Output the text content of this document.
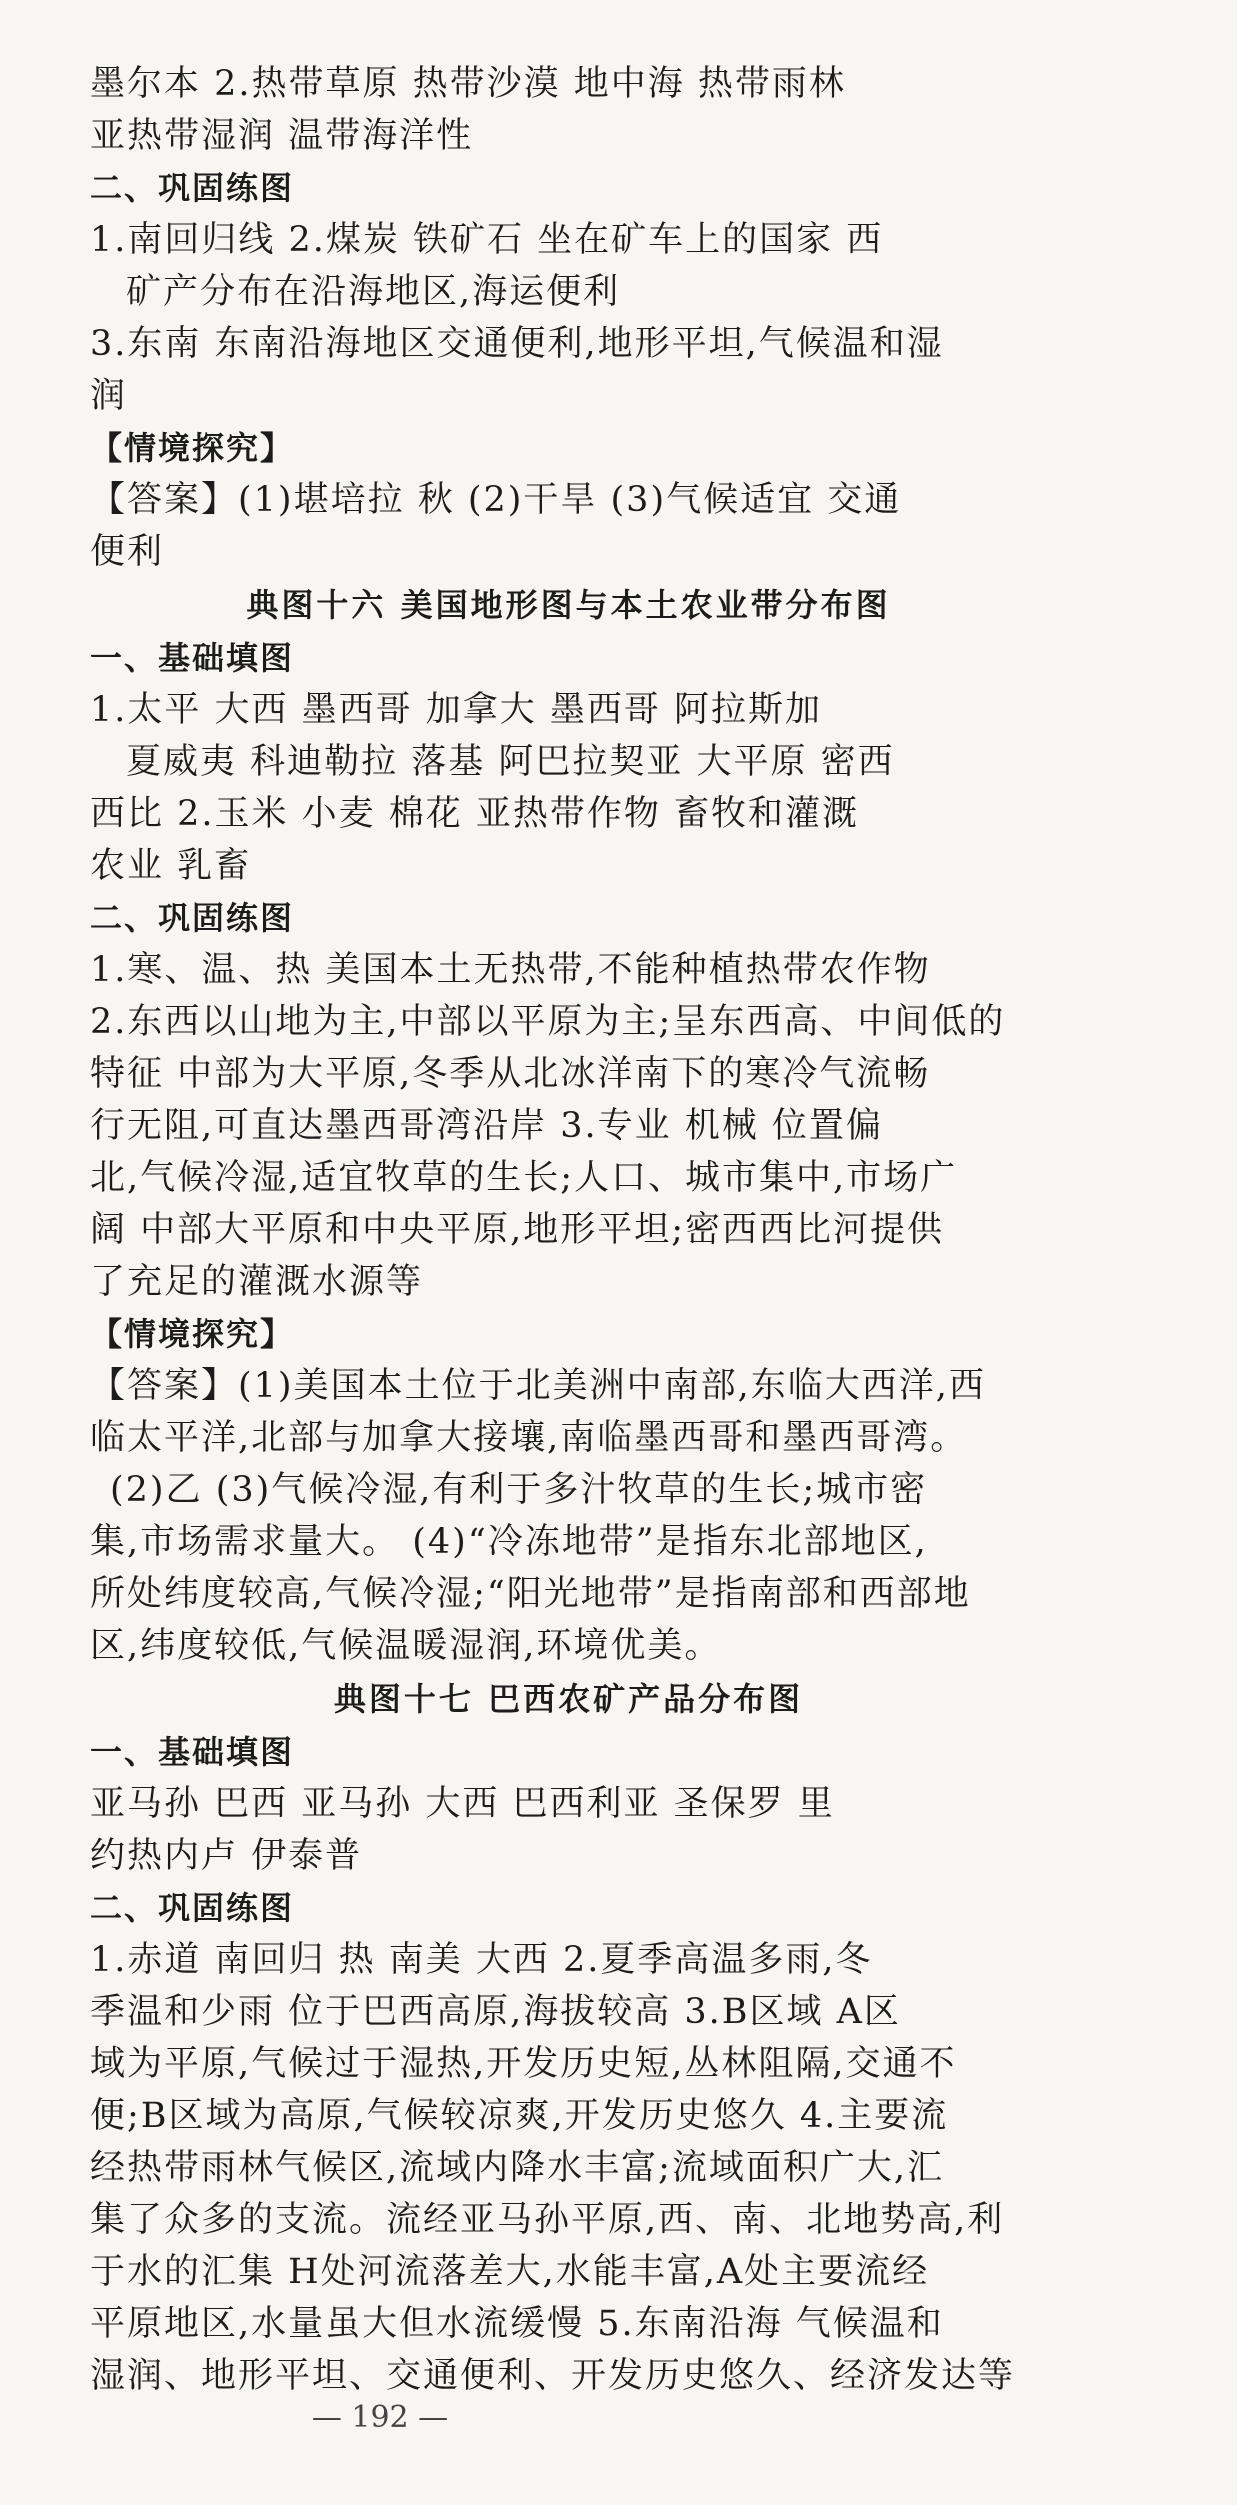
墨尔本 2.热带草原 热带沙漠 地中海 热带雨林
亚热带湿润 温带海洋性
二、巩固练图
1.南回归线 2.煤炭 铁矿石 坐在矿车上的国家 西
矿产分布在沿海地区,海运便利
3.东南 东南沿海地区交通便利,地形平坦,气候温和湿
润
【情境探究】
【答案】(1)堪培拉 秋 (2)干旱 (3)气候适宜 交通
便利
典图十六 美国地形图与本土农业带分布图
一、基础填图
1.太平 大西 墨西哥 加拿大 墨西哥 阿拉斯加
夏威夷 科迪勒拉 落基 阿巴拉契亚 大平原 密西
西比 2.玉米 小麦 棉花 亚热带作物 畜牧和灌溉
农业 乳畜
二、巩固练图
1.寒、温、热 美国本土无热带,不能种植热带农作物
2.东西以山地为主,中部以平原为主;呈东西高、中间低的
特征 中部为大平原,冬季从北冰洋南下的寒冷气流畅
行无阻,可直达墨西哥湾沿岸 3.专业 机械 位置偏
北,气候冷湿,适宜牧草的生长;人口、城市集中,市场广
阔 中部大平原和中央平原,地形平坦;密西西比河提供
了充足的灌溉水源等
【情境探究】
【答案】(1)美国本土位于北美洲中南部,东临大西洋,西
临太平洋,北部与加拿大接壤,南临墨西哥和墨西哥湾。
(2)乙 (3)气候冷湿,有利于多汁牧草的生长;城市密
集,市场需求量大。 (4)“冷冻地带”是指东北部地区,
所处纬度较高,气候冷湿;“阳光地带”是指南部和西部地
区,纬度较低,气候温暖湿润,环境优美。
典图十七 巴西农矿产品分布图
一、基础填图
亚马孙 巴西 亚马孙 大西 巴西利亚 圣保罗 里
约热内卢 伊泰普
二、巩固练图
1.赤道 南回归 热 南美 大西 2.夏季高温多雨,冬
季温和少雨 位于巴西高原,海拔较高 3.B区域 A区
域为平原,气候过于湿热,开发历史短,丛林阻隔,交通不
便;B区域为高原,气候较凉爽,开发历史悠久 4.主要流
经热带雨林气候区,流域内降水丰富;流域面积广大,汇
集了众多的支流。流经亚马孙平原,西、南、北地势高,利
于水的汇集 H处河流落差大,水能丰富,A处主要流经
平原地区,水量虽大但水流缓慢 5.东南沿海 气候温和
湿润、地形平坦、交通便利、开发历史悠久、经济发达等
— 192 —
